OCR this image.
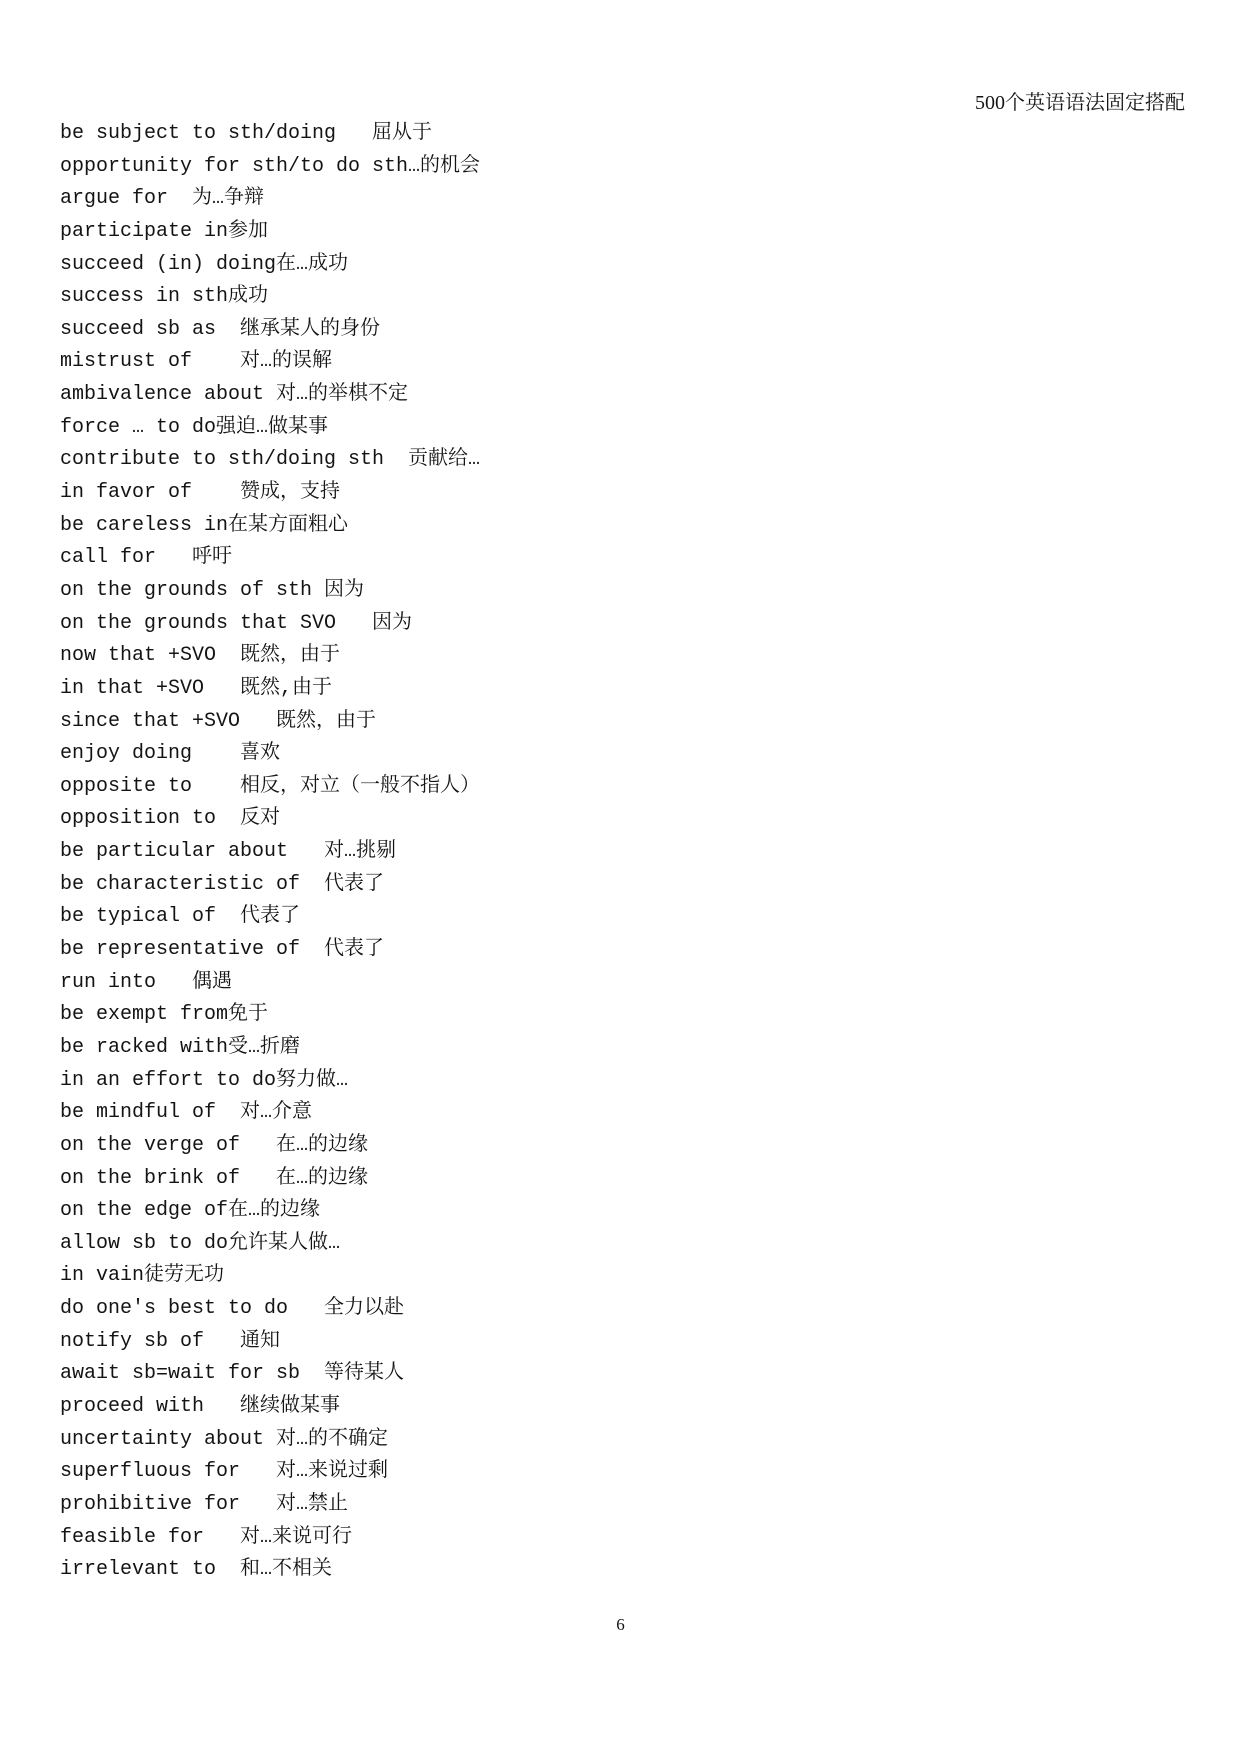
500个英语语法固定搭配
be subject to sth/doing   屈从于
opportunity for sth/to do sth…的机会
argue for  为…争辩
participate in参加
succeed (in) doing在…成功
success in sth成功
succeed sb as  继承某人的身份
mistrust of    对…的误解
ambivalence about 对…的举棋不定
force … to do强迫…做某事
contribute to sth/doing sth  贡献给…
in favor of    赞成，支持
be careless in在某方面粗心
call for   呼吁
on the grounds of sth 因为
on the grounds that SVO   因为
now that +SVO  既然，由于
in that +SVO   既然,由于
since that +SVO   既然，由于
enjoy doing    喜欢
opposite to    相反，对立（一般不指人）
opposition to  反对
be particular about   对…挑剔
be characteristic of  代表了
be typical of  代表了
be representative of  代表了
run into   偶遇
be exempt from免于
be racked with受…折磨
in an effort to do努力做…
be mindful of  对…介意
on the verge of   在…的边缘
on the brink of   在…的边缘
on the edge of在…的边缘
allow sb to do允许某人做…
in vain徒劳无功
do one's best to do   全力以赴
notify sb of   通知
await sb=wait for sb  等待某人
proceed with   继续做某事
uncertainty about 对…的不确定
superfluous for   对…来说过剩
prohibitive for   对…禁止
feasible for   对…来说可行
irrelevant to  和…不相关
6
